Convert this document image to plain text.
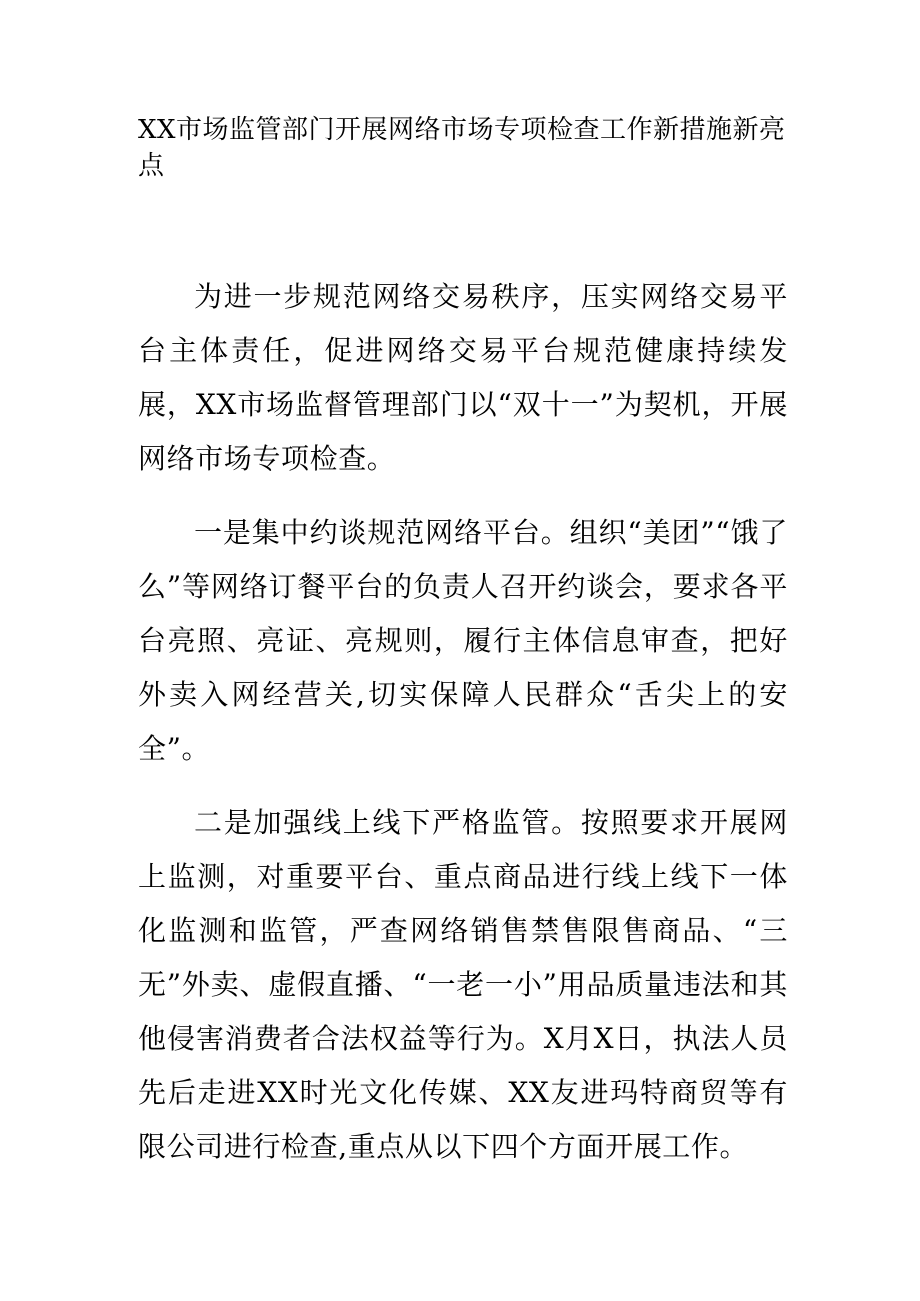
XX市场监管部门开展网络市场专项检查工作新措施新亮点

为进一步规范网络交易秩序，压实网络交易平台主体责任，促进网络交易平台规范健康持续发展，XX市场监督管理部门以“双十一”为契机，开展网络市场专项检查。

一是集中约谈规范网络平台。组织“美团”“饿了么”等网络订餐平台的负责人召开约谈会，要求各平台亮照、亮证、亮规则，履行主体信息审查，把好外卖入网经营关,切实保障人民群众“舌尖上的安全”。

二是加强线上线下严格监管。按照要求开展网上监测，对重要平台、重点商品进行线上线下一体化监测和监管，严查网络销售禁售限售商品、“三无”外卖、虚假直播、“一老一小”用品质量违法和其他侵害消费者合法权益等行为。X月X日，执法人员先后走进XX时光文化传媒、XX友进玛特商贸等有限公司进行检查,重点从以下四个方面开展工作。
